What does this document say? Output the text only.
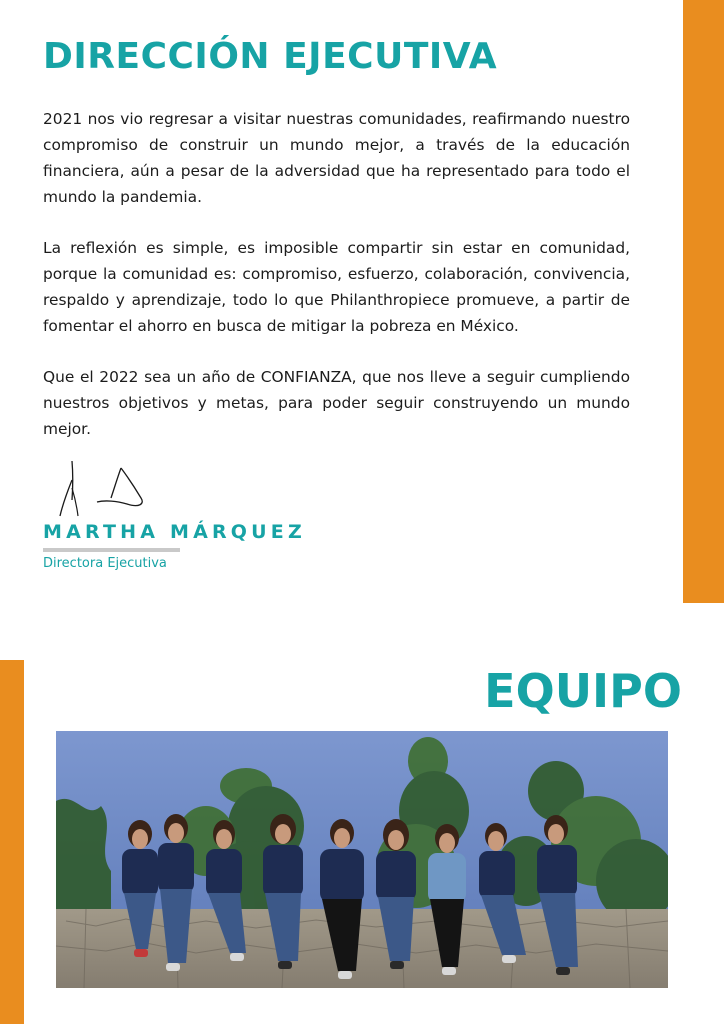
DIRECCIÓN EJECUTIVA

2021 nos vio regresar a visitar nuestras comunidades, reafirmando nuestro compromiso de construir un mundo mejor, a través de la educación financiera, aún a pesar de la adversidad que ha representado para todo el mundo la pandemia.

La reflexión es simple, es imposible compartir sin estar en comunidad, porque la comunidad es: compromiso, esfuerzo, colaboración, convivencia, respaldo y aprendizaje, todo lo que Philanthropiece promueve, a partir de fomentar el ahorro en busca de mitigar la pobreza en México.

Que el 2022 sea un año de CONFIANZA, que nos lleve a seguir cumpliendo nuestros objetivos y metas, para poder seguir construyendo un mundo mejor.

MARTHA MÁRQUEZ
Directora Ejecutiva
EQUIPO
